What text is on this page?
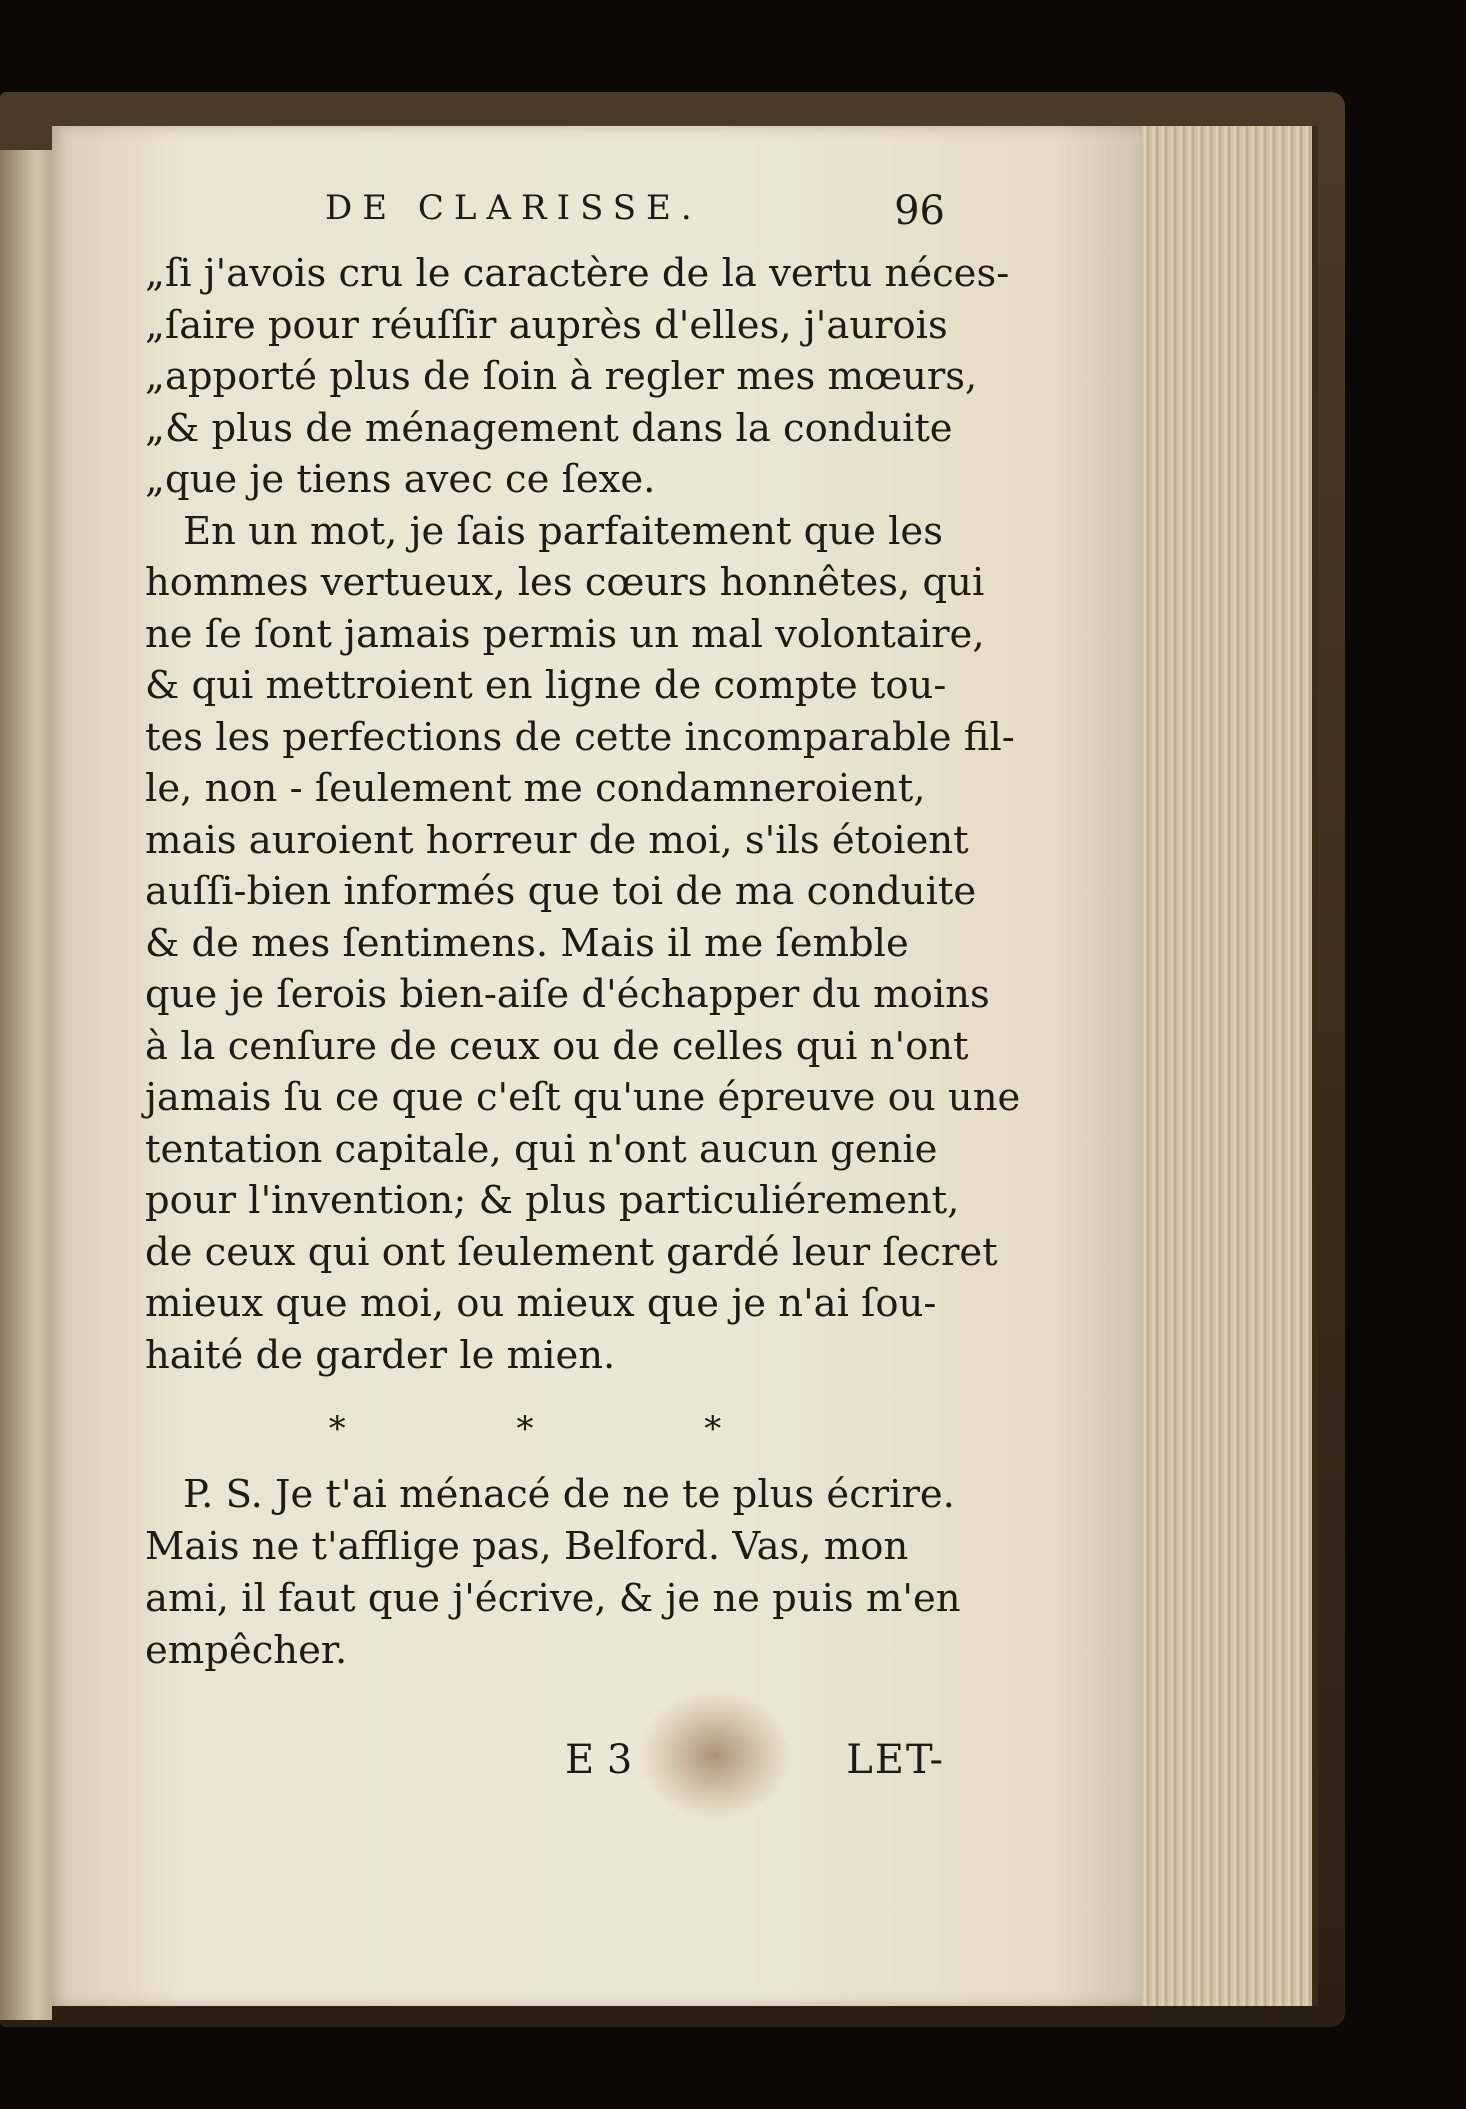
DE CLARISSE.	96

„ſi j'avois cru le caractère de la vertu néces-

„ſaire pour réuſſir auprès d'elles, j'aurois

„apporté plus de ſoin à regler mes mœurs,

„& plus de ménagement dans la conduite

„que je tiens avec ce ſexe.

En un mot, je ſais parfaitement que les

hommes vertueux, les cœurs honnêtes, qui

ne ſe ſont jamais permis un mal volontaire,

& qui mettroient en ligne de compte tou-

tes les perfections de cette incomparable fil-

le, non - ſeulement me condamneroient,

mais auroient horreur de moi, s'ils étoient

auſſi-bien informés que toi de ma conduite

& de mes ſentimens. Mais il me ſemble

que je ſerois bien-aiſe d'échapper du moins

à la cenſure de ceux ou de celles qui n'ont

jamais ſu ce que c'eſt qu'une épreuve ou une

tentation capitale, qui n'ont aucun genie

pour l'invention; & plus particuliérement,

de ceux qui ont ſeulement gardé leur ſecret

mieux que moi, ou mieux que je n'ai ſou-

haité de garder le mien.

* * *

P. S. Je t'ai ménacé de ne te plus écrire.

Mais ne t'afflige pas, Belford. Vas, mon

ami, il faut que j'écrive, & je ne puis m'en

empêcher.

E 3	LET-
